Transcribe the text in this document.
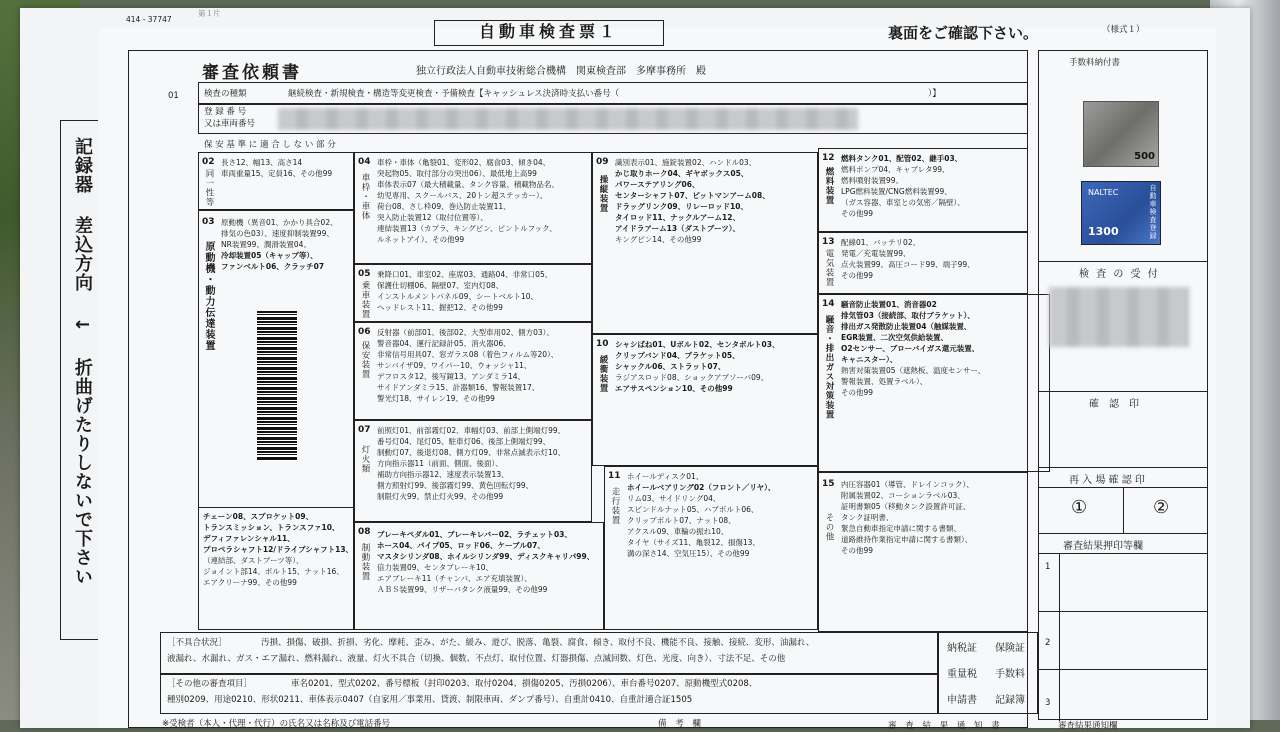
第１片
記録器 差込方向 ← 折曲げたりしないで下さい
414 - 37747
自動車検査票１	裏面をご確認下さい。	（様式１）
審査依頼書	独立行政法人自動車技術総合機構　関東検査部　多摩事務所　殿
01	検査の種類	継続検査・新規検査・構造等変更検査・予備検査【キャッシュレス決済時支払い番号（	）】
登 録 番 号
又は車両番号
保 安 基 準 に 適 合 し な い 部 分
02
同一性等
長さ12、幅13、高さ14
車両重量15、定員16、その他99
03
原動機・動力伝達装置
原動機（異音01、かかり具合02、
排気の色03）、速度抑制装置99、
NR装置99、潤滑装置04、
冷却装置05（キャップ等）、
ファンベルト06、クラッチ07
チェーン08、スプロケット09、
トランスミッション、トランスファ10、
デフィファレンシャル11、
プロペラシャフト12/ドライブシャフト13、
（連結部、ダストブーツ等）、
ジョイント部14、ボルト15、ナット16、
エアクリーナ99、その他99
04
車枠・車体
車枠・車体（亀裂01、変形02、腐食03、傾き04、
突起物05、取付部分の突出06）、最低地上高99
車体表示07（最大積載量、タンク容量、積載物品名、
幼児専用、スクールバス、20トン超ステッカー）、
荷台08、さし枠09、巻込防止装置11、
突入防止装置12（取付位置等）、
連結装置13（カプラ、キングピン、ピントルフック、
ルネットアイ）、その他99
05
乗車装置
乗降口01、車室02、座席03、通路04、非常口05、
保護仕切棚06、隔壁07、室内灯08、
インストルメントパネル09、シートベルト10、
ヘッドレスト11、握把12、その他99
06
保安装置
反射器（前部01、後部02、大型車用02、側方03）、
警音器04、運行記録計05、消火器06、
非常信号用具07、窓ガラス08（着色フィルム等20）、
サンバイザ09、ワイパー10、ウォッシャ11、
デフロスタ12、後写鏡13、アンダミラ14、
サイドアンダミラ15、計器類16、警報装置17、
警光灯18、サイレン19、その他99
07
灯火類
前照灯01、前部霧灯02、車幅灯03、前部上側端灯99、
番号灯04、尾灯05、駐車灯06、後部上側端灯99、
制動灯07、後退灯08、側方灯09、非常点滅表示灯10、
方向指示器11（前面、側面、後面）、
補助方向指示器12、速度表示装置13、
側方照射灯99、後部霧灯99、黄色回転灯99、
制限灯火99、禁止灯火99、その他99
08
制動装置
ブレーキペダル01、ブレーキレバー02、ラチェット03、
ホース04、パイプ05、ロッド06、ケーブル07、
マスタシリンダ08、ホイルシリンダ99、ディスクキャリパ99、
倍力装置09、センタブレーキ10、
エアブレーキ11（チャンバ、エア充填装置）、
ＡＢＳ装置99、リザーバタンク液量99、その他99
09
操縦装置
識別表示01、施錠装置02、ハンドル03、
かじ取りホーク04、ギヤボックス05、
パワーステアリング06、
センターシャフト07、ピットマンアーム08、
ドラッグリンク09、リレーロッド10、
タイロッド11、ナックルアーム12、
アイドラアーム13（ダストブーツ）、
キングピン14、その他99
10
緩衝装置
シャシばね01、Uボルト02、センタボルト03、
クリップバンド04、ブラケット05、
シャックル06、ストラット07、
ラジアスロッド08、ショックアブソーバ09、
エアサスペンション10、その他99
11
走行装置
ホイールディスク01、
ホイールベアリング02（フロント／リヤ）、
リム03、サイドリング04、
スピンドルナット05、ハブボルト06、
クリップボルト07、ナット08、
アクスル09、車輪の振れ10、
タイヤ（サイズ11、亀裂12、損傷13、
溝の深さ14、空気圧15）、その他99
12
燃料装置
燃料タンク01、配管02、継手03、
燃料ポンプ04、キャブレタ99、
燃料噴射装置99、
LPG燃料装置/CNG燃料装置99、
（ガス容器、車室との気密／隔壁）、
その他99
13
電気装置
配線01、バッテリ02、
発電／充電装置99、
点火装置99、高圧コード99、端子99、
その他99
14
騒音・排出ガス対策装置
騒音防止装置01、消音器02
排気管03（接続部、取付ブラケット）、
排出ガス発散防止装置04（触媒装置、
EGR装置、二次空気供給装置、
O2センサー、ブローバイガス還元装置、
キャニスター）、
熱害対策装置05（遮熱板、温度センサー、
警報装置、処置ラベル）、
その他99
15
その他
内圧容器01（導管、ドレインコック）、
附属装置02、コーションラベル03、
証明書類05（移動タンク設置許可証、
タンク証明書、
緊急自動車指定申請に関する書類、
道路維持作業指定申請に関する書類）、
その他99
［不具合状況］	汚損、損傷、破損、折損、劣化、摩耗、歪み、がた、緩み、遊び、脱落、亀裂、腐食、傾き、取付不良、機能不良、接触、接続、変形、油漏れ、
液漏れ、水漏れ、ガス・エア漏れ、燃料漏れ、液量、灯火不具合（切換、個数、不点灯、取付位置、灯器損傷、点滅回数、灯色、光度、向き）、寸法不足、その他
［その他の審査項目］	車名0201、型式0202、番号標板（封印0203、取付0204、損傷0205、汚損0206）、車台番号0207、原動機型式0208、
種別0209、用途0210、形状0211、車体表示0407（自家用／事業用、貸渡、制限車両、ダンプ番号）、自重計0410、自重計適合証1505
納税証 保険証
重量税 手数料
申請書 記録簿
※受検者（本人・代理・代行）の氏名又は名称及び電話番号	備 考 欄	審 査 結 果 通 知 書	審査結果通知欄
手数料納付書
500
NALTEC	自動車検査登録
1300
検 査 の 受 付
確　認　印
再 入 場 確 認 印
①	②
審査結果押印等欄
1
2
3
